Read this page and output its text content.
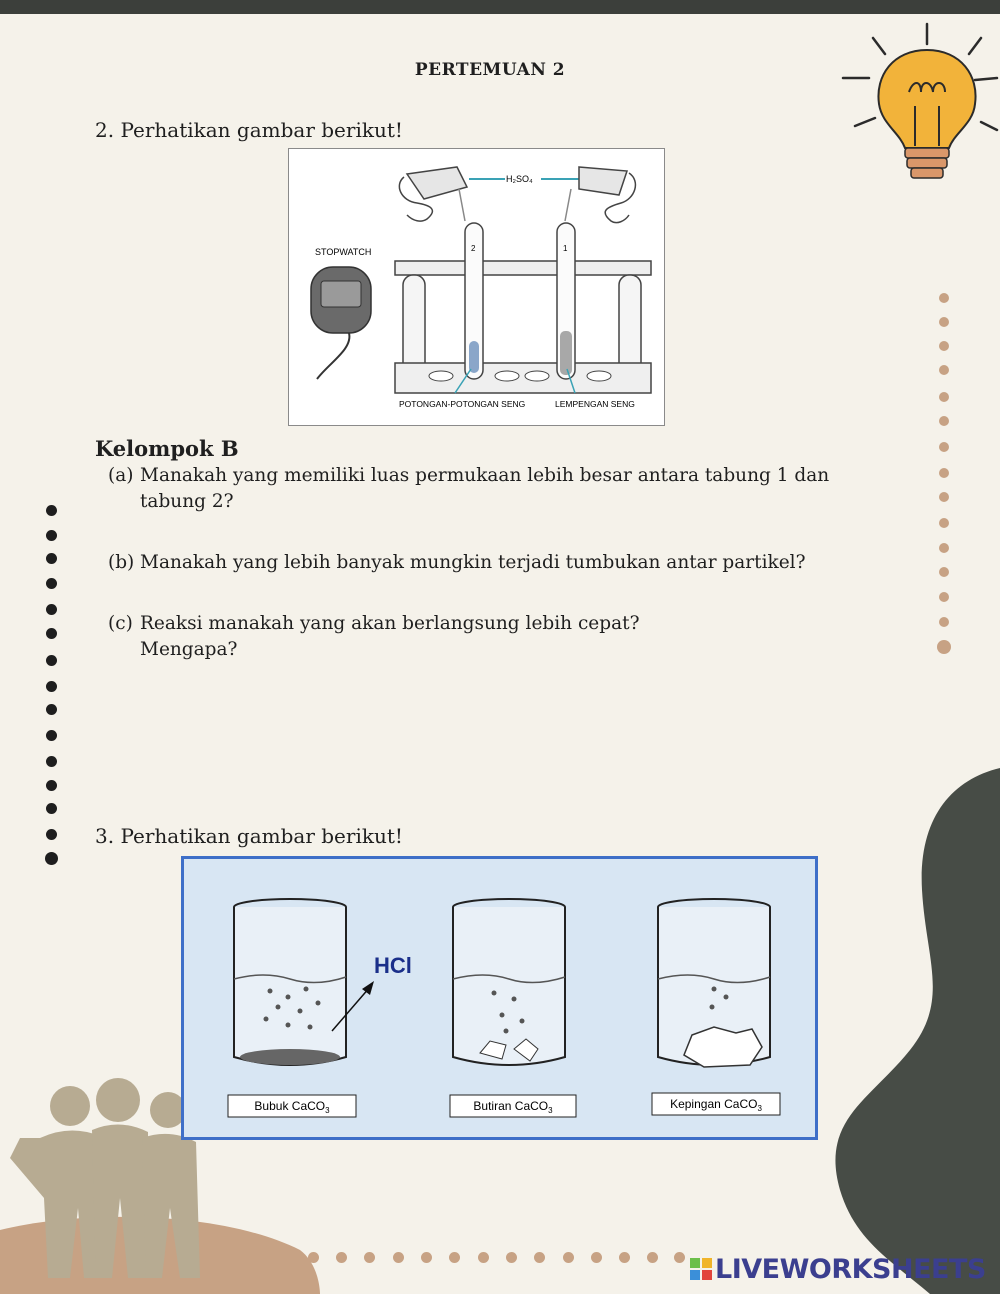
PERTEMUAN 2
2. Perhatikan gambar berikut!
H₂SO₄
STOPWATCH	2	1
POTONGAN-POTONGAN SENG	LEMPENGAN SENG
Kelompok B
(a) Manakah yang memiliki luas permukaan lebih besar antara tabung 1 dan tabung 2?
(b) Manakah yang lebih banyak mungkin terjadi tumbukan antar partikel?
(c) Reaksi manakah yang akan berlangsung lebih cepat? Mengapa?
3. Perhatikan gambar berikut!
HCl
Bubuk CaCO$_3$	Butiran CaCO$_3$	Kepingan CaCO$_3$
LIVEWORKSHEETS
